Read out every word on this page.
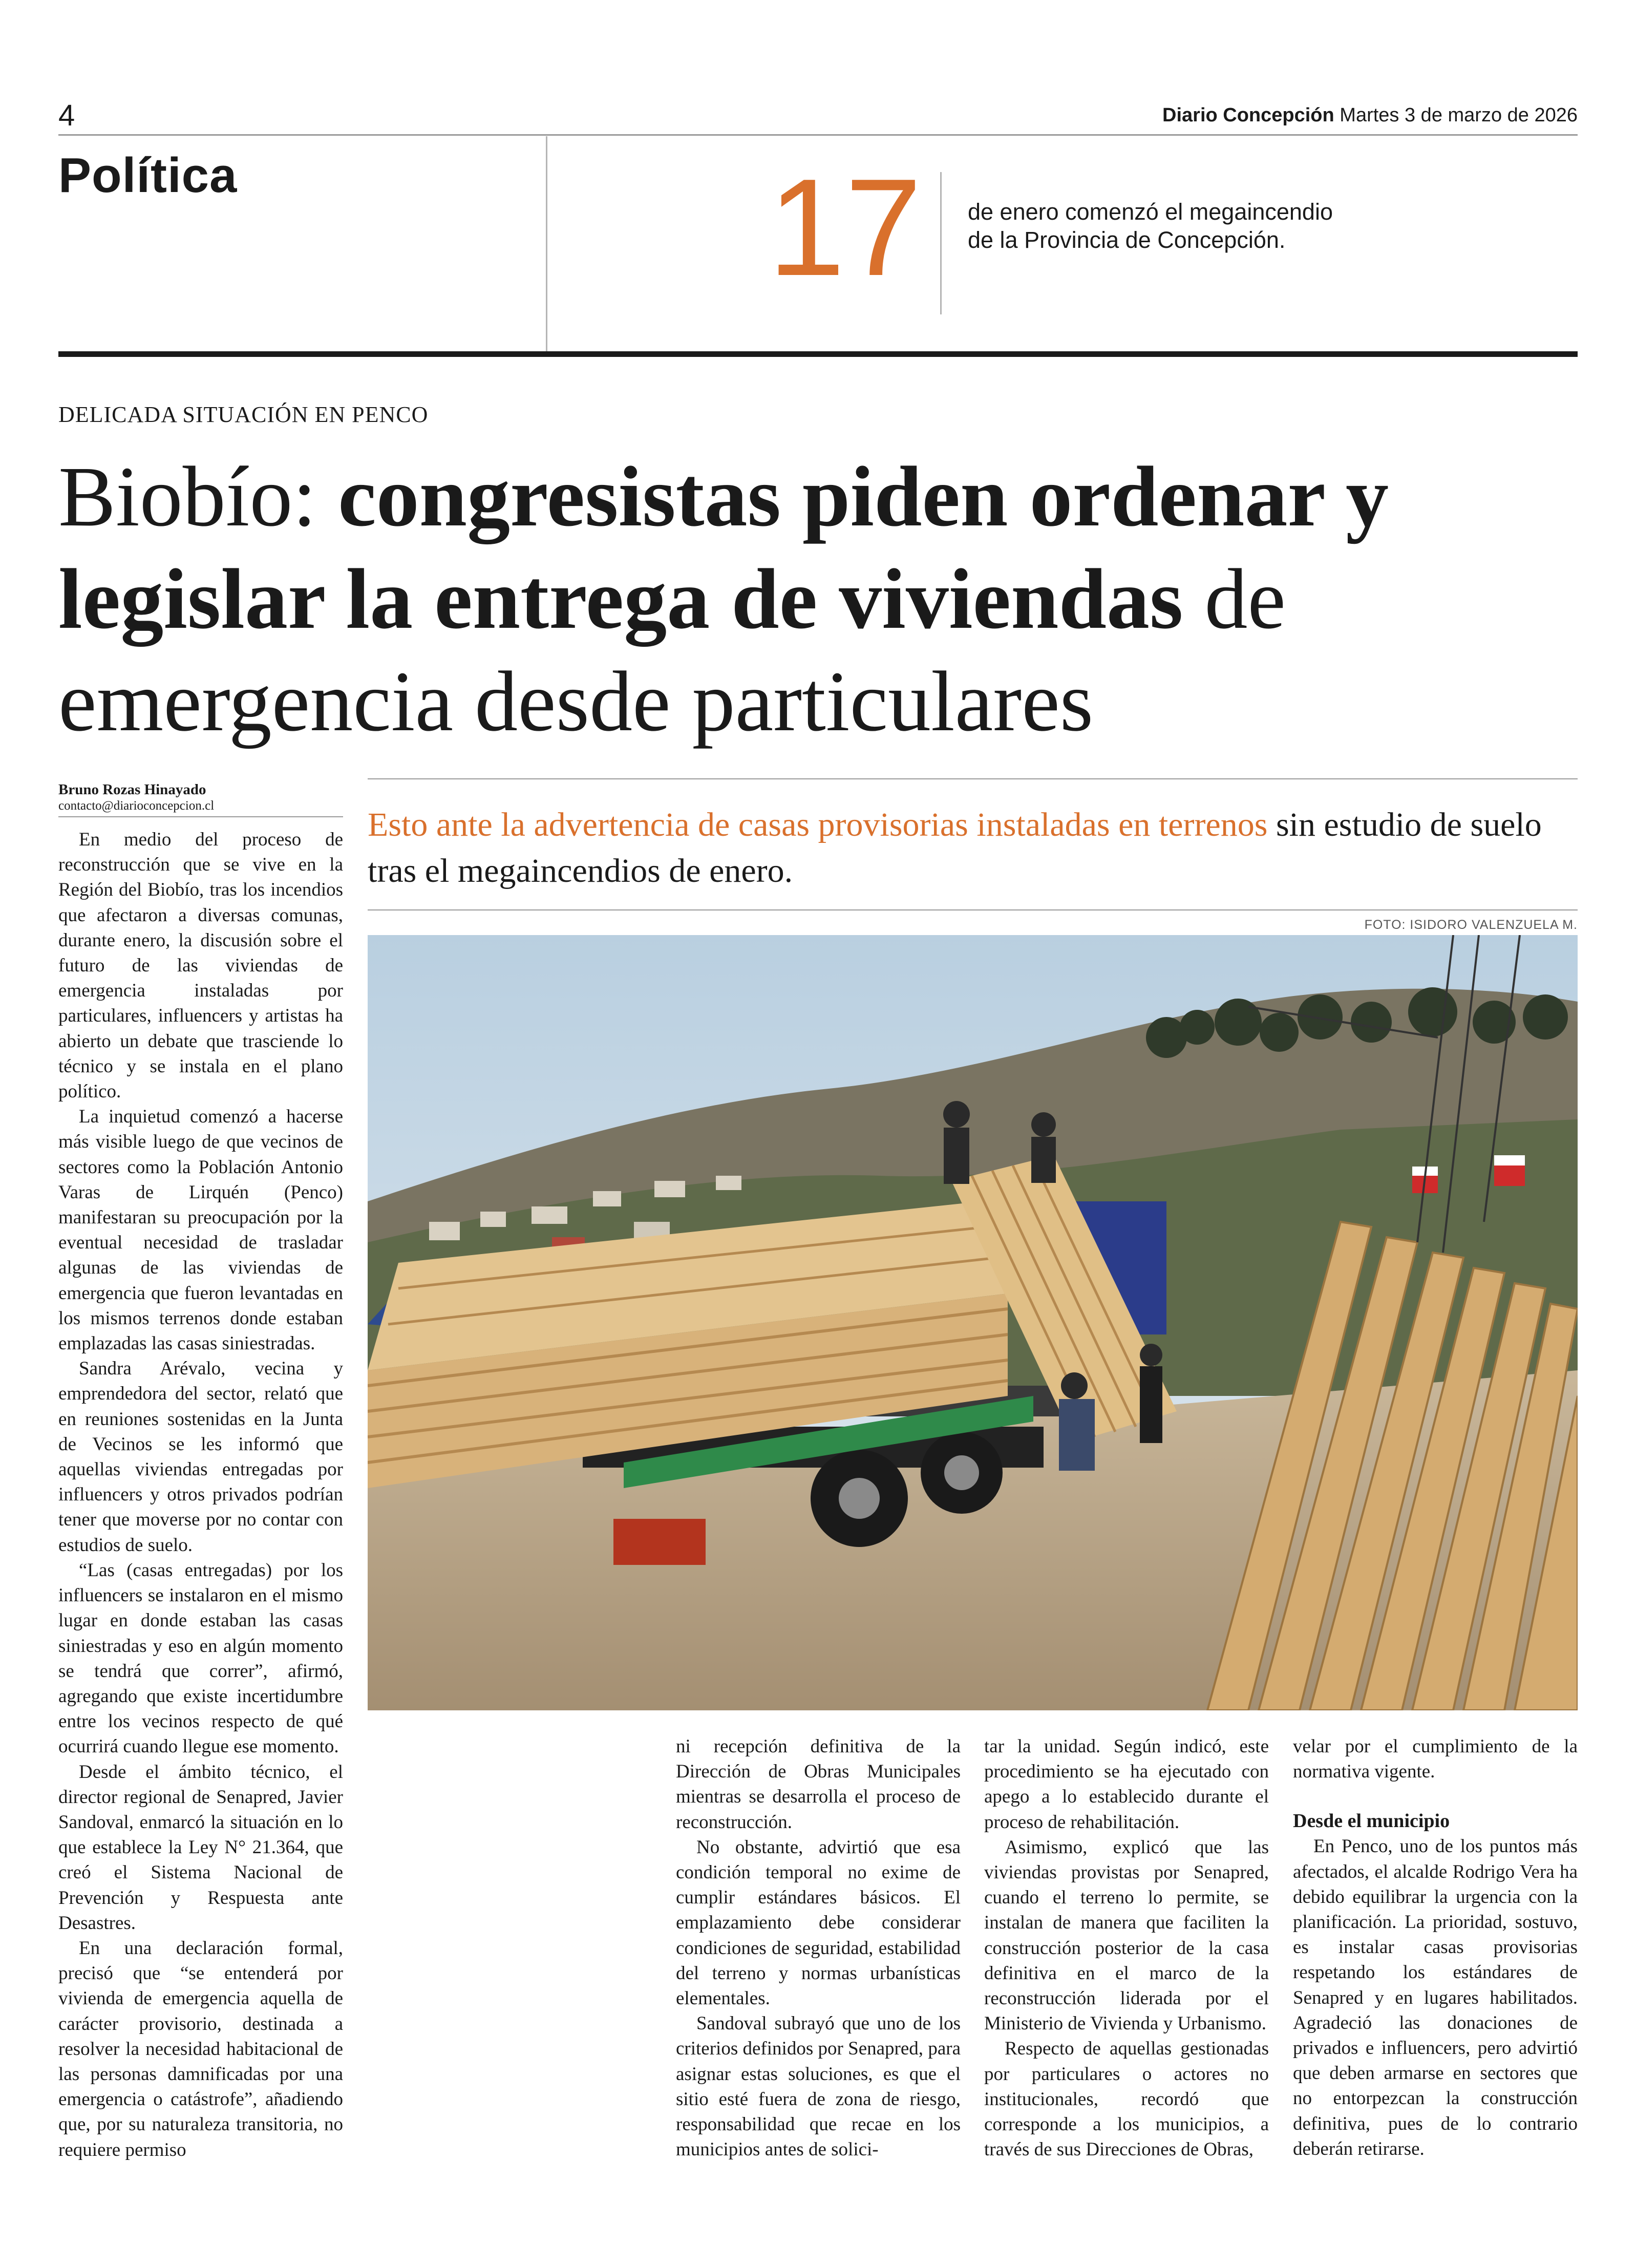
4	Diario Concepción Martes 3 de marzo de 2026
Política	17 de enero comenzó el megaincendio de la Provincia de Concepción.
DELICADA SITUACIÓN EN PENCO
Biobío: congresistas piden ordenar y legislar la entrega de viviendas de emergencia desde particulares
Bruno Rozas Hinayado
contacto@diarioconcepcion.cl
Esto ante la advertencia de casas provisorias instaladas en terrenos sin estudio de suelo tras el megaincendios de enero.
FOTO: ISIDORO VALENZUELA M.

En medio del proceso de reconstrucción que se vive en la Región del Biobío, tras los incendios que afectaron a diversas comunas, durante enero, la discusión sobre el futuro de las viviendas de emergencia instaladas por particulares, influencers y artistas ha abierto un debate que trasciende lo técnico y se instala en el plano político.

La inquietud comenzó a hacerse más visible luego de que vecinos de sectores como la Población Antonio Varas de Lirquén (Penco) manifestaran su preocupación por la eventual necesidad de trasladar algunas de las viviendas de emergencia que fueron levantadas en los mismos terrenos donde estaban emplazadas las casas siniestradas.

Sandra Arévalo, vecina y emprendedora del sector, relató que en reuniones sostenidas en la Junta de Vecinos se les informó que aquellas viviendas entregadas por influencers y otros privados podrían tener que moverse por no contar con estudios de suelo.

“Las (casas entregadas) por los influencers se instalaron en el mismo lugar en donde estaban las casas siniestradas y eso en algún momento se tendrá que correr”, afirmó, agregando que existe incertidumbre entre los vecinos respecto de qué ocurrirá cuando llegue ese momento.

Desde el ámbito técnico, el director regional de Senapred, Javier Sandoval, enmarcó la situación en lo que establece la Ley N° 21.364, que creó el Sistema Nacional de Prevención y Respuesta ante Desastres.

En una declaración formal, precisó que “se entenderá por vivienda de emergencia aquella de carácter provisorio, destinada a resolver la necesidad habitacional de las personas damnificadas por una emergencia o catástrofe”, añadiendo que, por su naturaleza transitoria, no requiere permiso

ni recepción definitiva de la Dirección de Obras Municipales mientras se desarrolla el proceso de reconstrucción.

No obstante, advirtió que esa condición temporal no exime de cumplir estándares básicos. El emplazamiento debe considerar condiciones de seguridad, estabilidad del terreno y normas urbanísticas elementales.

Sandoval subrayó que uno de los criterios definidos por Senapred, para asignar estas soluciones, es que el sitio esté fuera de zona de riesgo, responsabilidad que recae en los municipios antes de solici-

tar la unidad. Según indicó, este procedimiento se ha ejecutado con apego a lo establecido durante el proceso de rehabilitación.

Asimismo, explicó que las viviendas provistas por Senapred, cuando el terreno lo permite, se instalan de manera que faciliten la construcción posterior de la casa definitiva en el marco de la reconstrucción liderada por el Ministerio de Vivienda y Urbanismo.

Respecto de aquellas gestionadas por particulares o actores no institucionales, recordó que corresponde a los municipios, a través de sus Direcciones de Obras,

velar por el cumplimiento de la normativa vigente.

Desde el municipio

En Penco, uno de los puntos más afectados, el alcalde Rodrigo Vera ha debido equilibrar la urgencia con la planificación. La prioridad, sostuvo, es instalar casas provisorias respetando los estándares de Senapred y en lugares habilitados. Agradeció las donaciones de privados e influencers, pero advirtió que deben armarse en sectores que no entorpezcan la construcción definitiva, pues de lo contrario deberán retirarse.
